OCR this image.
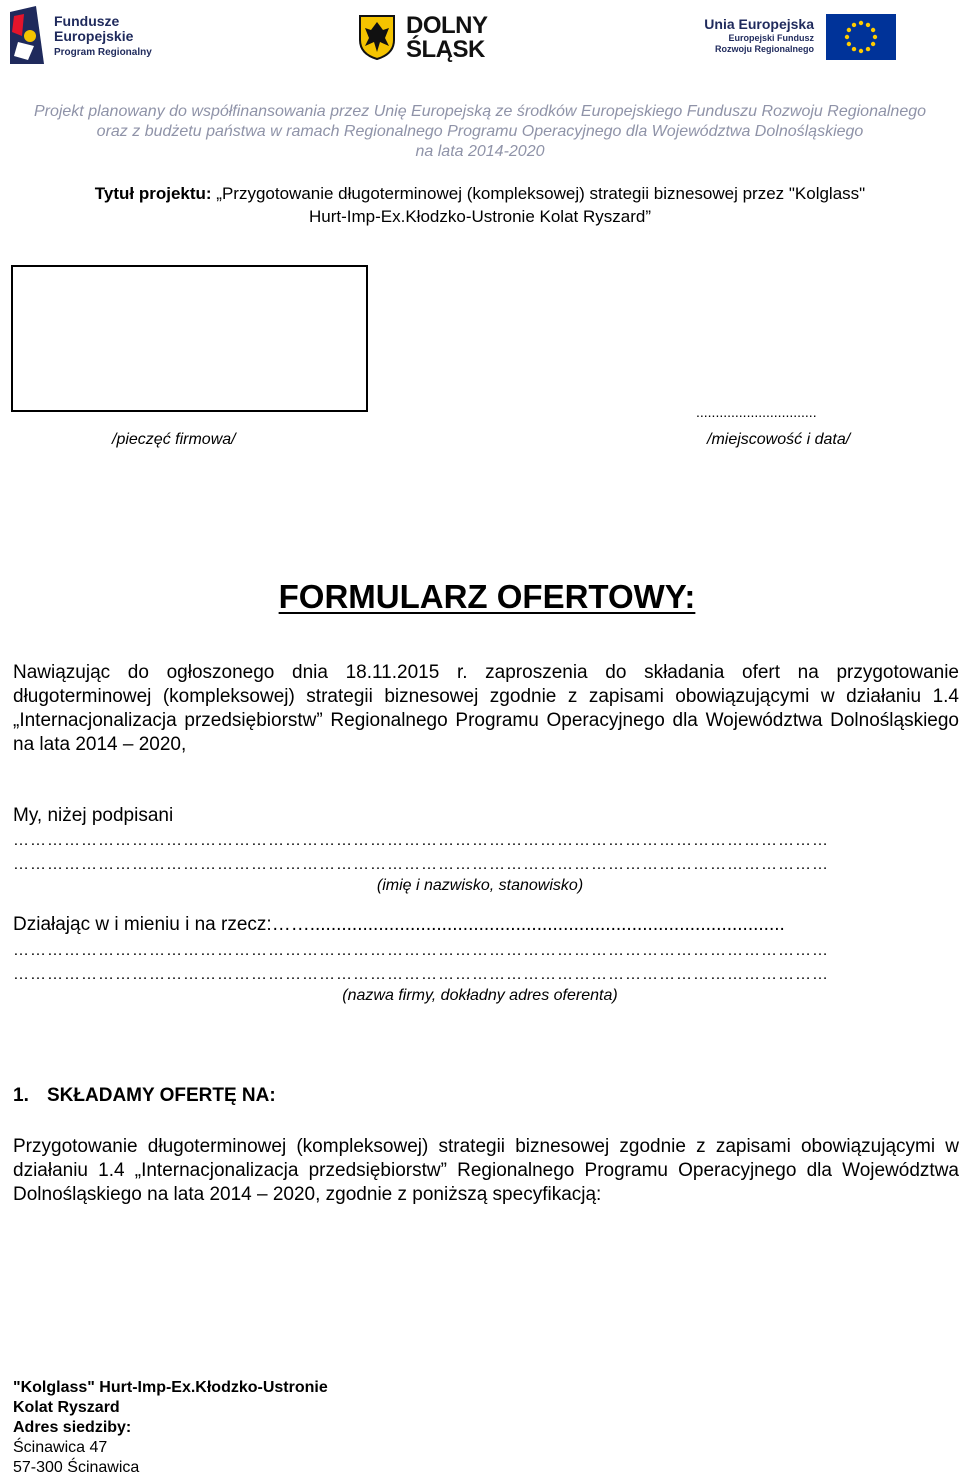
Fundusze
Europejskie
Program Regionalny
DOLNY
ŚLĄSK
Unia Europejska
Europejski Fundusz
Rozwoju Regionalnego
Projekt planowany do współfinansowania przez Unię Europejską ze środków Europejskiego Funduszu Rozwoju Regionalnego
oraz z budżetu państwa w ramach Regionalnego Programu Operacyjnego dla Województwa Dolnośląskiego
na lata 2014-2020
Tytuł projektu: „Przygotowanie długoterminowej (kompleksowej) strategii biznesowej przez "Kolglass"
Hurt-Imp-Ex.Kłodzko-Ustronie Kolat Ryszard”
...............................
/pieczęć firmowa/	/miejscowość i data/
FORMULARZ OFERTOWY:
Nawiązując do ogłoszonego dnia 18.11.2015 r. zaproszenia do składania ofert na przygotowanie długoterminowej (kompleksowej) strategii biznesowej zgodnie z zapisami obowiązującymi w działaniu 1.4 „Internacjonalizacja przedsiębiorstw” Regionalnego Programu Operacyjnego dla Województwa Dolnośląskiego na lata 2014 – 2020,
My, niżej podpisani
………………………………………………………………………………………………………………………………
………………………………………………………………………………………………………………………………
(imię i nazwisko, stanowisko)
Działając w i mieniu i na rzecz:……..........................................................................................
………………………………………………………………………………………………………………………………
………………………………………………………………………………………………………………………………
(nazwa firmy, dokładny adres oferenta)
1. SKŁADAMY OFERTĘ NA:
Przygotowanie długoterminowej (kompleksowej) strategii biznesowej zgodnie z zapisami obowiązującymi w działaniu 1.4 „Internacjonalizacja przedsiębiorstw” Regionalnego Programu Operacyjnego dla Województwa Dolnośląskiego na lata 2014 – 2020, zgodnie z poniższą specyfikacją:
"Kolglass" Hurt-Imp-Ex.Kłodzko-Ustronie
Kolat Ryszard
Adres siedziby:
Ścinawica 47
57-300 Ścinawica
